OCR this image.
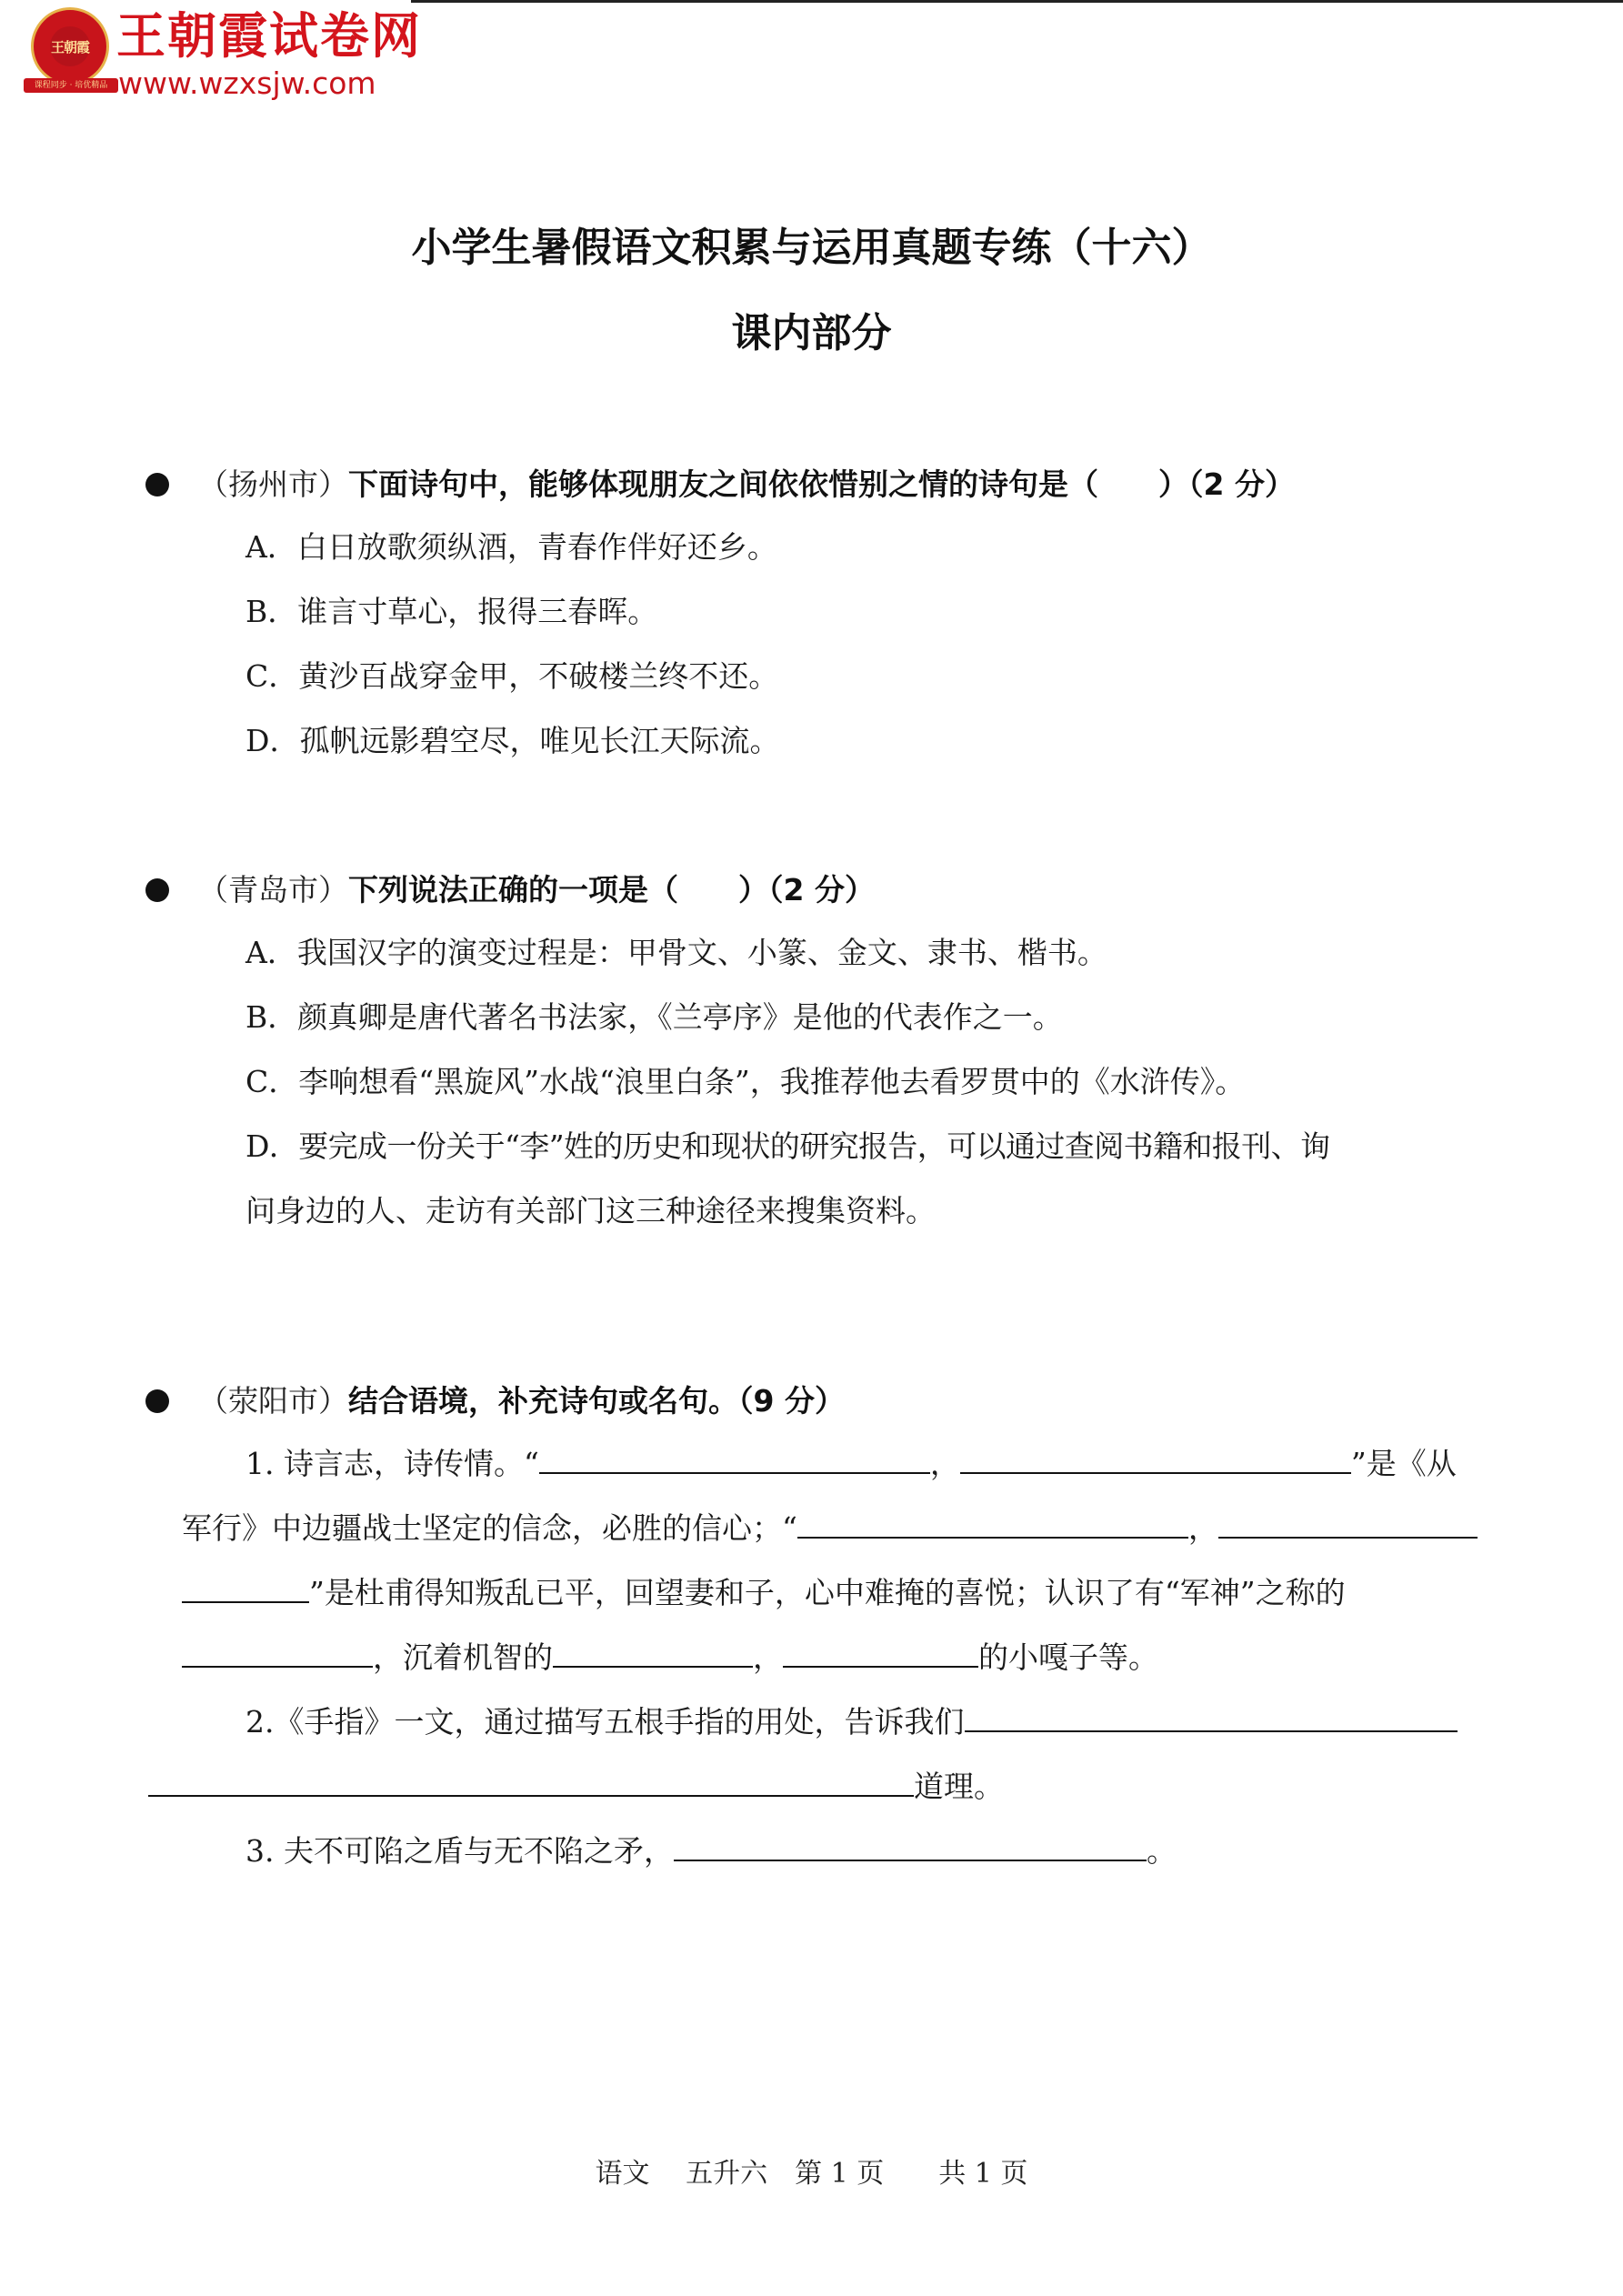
王朝霞
课程同步 · 培优精品
王朝霞试卷网
www.wzxsjw.com
小学生暑假语文积累与运用真题专练（十六）
课内部分
（扬州市）下面诗句中，能够体现朋友之间依依惜别之情的诗句是（　　）（2 分）
A．白日放歌须纵酒，青春作伴好还乡。
B．谁言寸草心，报得三春晖。
C．黄沙百战穿金甲，不破楼兰终不还。
D．孤帆远影碧空尽，唯见长江天际流。
（青岛市）下列说法正确的一项是（　　）（2 分）
A．我国汉字的演变过程是：甲骨文、小篆、金文、隶书、楷书。
B．颜真卿是唐代著名书法家，《兰亭序》是他的代表作之一。
C．李响想看“黑旋风”水战“浪里白条”，我推荐他去看罗贯中的《水浒传》。
D．要完成一份关于“李”姓的历史和现状的研究报告，可以通过查阅书籍和报刊、询
问身边的人、走访有关部门这三种途径来搜集资料。
（荥阳市）结合语境，补充诗句或名句。（9 分）
1. 诗言志，诗传情。“	，	”是《从
军行》中边疆战士坚定的信念，必胜的信心；“	，
”是杜甫得知叛乱已平，回望妻和子，心中难掩的喜悦；认识了有“军神”之称的
，沉着机智的	，	的小嘎子等。
2.《手指》一文，通过描写五根手指的用处，告诉我们
道理。
3. 夫不可陷之盾与无不陷之矛，	。
语文　 五升六　 第 1 页　　 共 1 页
